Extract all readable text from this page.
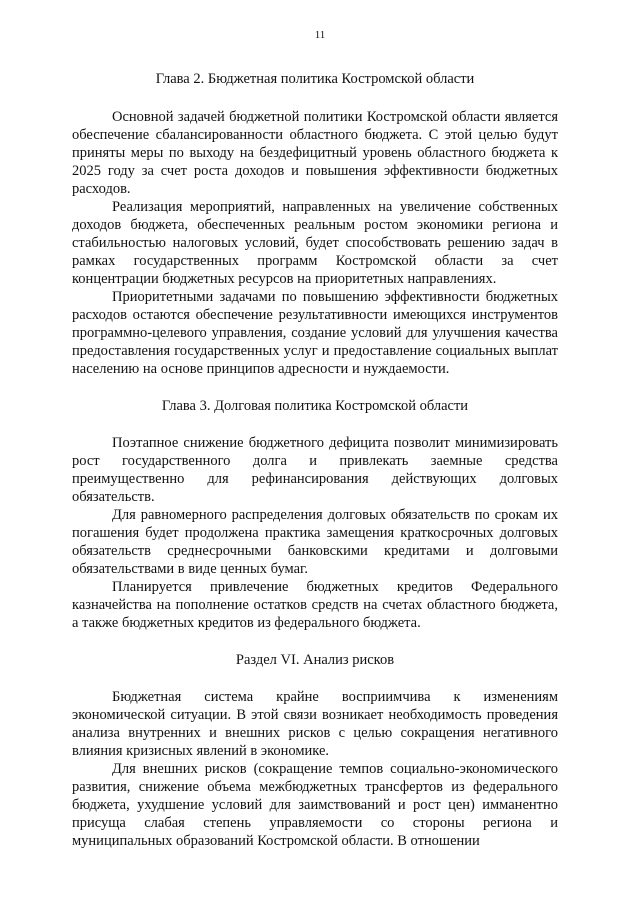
11
Глава 2. Бюджетная политика Костромской области

Основной задачей бюджетной политики Костромской области является обеспечение сбалансированности областного бюджета. С этой целью будут приняты меры по выходу на бездефицитный уровень областного бюджета к 2025 году за счет роста доходов и повышения эффективности бюджетных расходов.

Реализация мероприятий, направленных на увеличение собственных доходов бюджета, обеспеченных реальным ростом экономики региона и стабильностью налоговых условий, будет способствовать решению задач в рамках государственных программ Костромской области за счет концентрации бюджетных ресурсов на приоритетных направлениях.

Приоритетными задачами по повышению эффективности бюджетных расходов остаются обеспечение результативности имеющихся инструментов программно-целевого управления, создание условий для улучшения качества предоставления государственных услуг и предоставление социальных выплат населению на основе принципов адресности и нуждаемости.

Глава 3. Долговая политика Костромской области

Поэтапное снижение бюджетного дефицита позволит минимизировать рост государственного долга и привлекать заемные средства преимущественно для рефинансирования действующих долговых обязательств.

Для равномерного распределения долговых обязательств по срокам их погашения будет продолжена практика замещения краткосрочных долговых обязательств среднесрочными банковскими кредитами и долговыми обязательствами в виде ценных бумаг.

Планируется привлечение бюджетных кредитов Федерального казначейства на пополнение остатков средств на счетах областного бюджета, а также бюджетных кредитов из федерального бюджета.

Раздел VI. Анализ рисков

Бюджетная система крайне восприимчива к изменениям экономической ситуации. В этой связи возникает необходимость проведения анализа внутренних и внешних рисков с целью сокращения негативного влияния кризисных явлений в экономике.

Для внешних рисков (сокращение темпов социально-экономического развития, снижение объема межбюджетных трансфертов из федерального бюджета, ухудшение условий для заимствований и рост цен) имманентно присуща слабая степень управляемости со стороны региона и муниципальных образований Костромской области. В отношении
